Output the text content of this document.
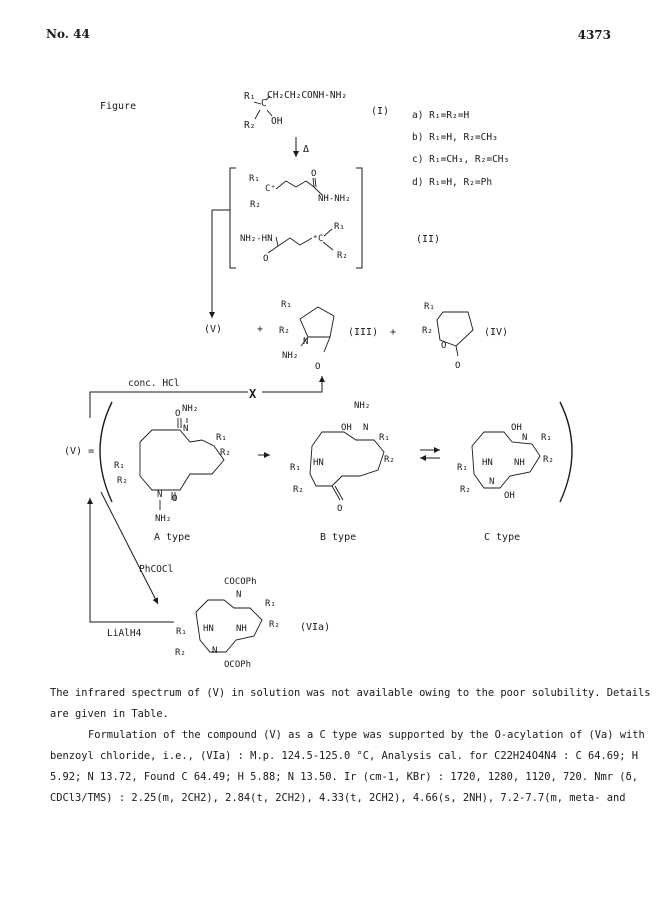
No. 44	4373
Figure
R₁
C
CH₂CH₂CONH-NH₂
R₂ OH
(I) a) R₁=R₂=H
b) R₁=H, R₂=CH₃
c) R₁=CH₃, R₂=CH₃
d) R₁=H, R₂=Ph
Δ
R₁
C⁺
R₂
O
NH-NH₂
NH₂-HN
O
C
+
R₁
R₂
(II)
(V)	+
R₁
R₂
N
NH₂
O
(III) +
R₁
R₂
O
O
(IV)
conc. HCl
X
(V) =
NH₂
N
O
R₁
R₂
R₁
R₂
N O
NH₂
NH₂
OH N
R₁
R₂
HN
R₁
R₂
O
OH
N R₁
R₂
HN NH
R₁
R₂
N
OH
A type	B type	C type
PhCOCl
LiAlH4
COCOPh
N
R₁
R₂
HN NH
R₁
R₂	N
OCOPh
(VIa)
The infrared spectrum of (V) in solution was not available owing to the poor solubility. Details
are given in Table.
Formulation of the compound (V) as a C type was supported by the O-acylation of (Va) with
benzoyl chloride, i.e., (VIa) : M.p. 124.5-125.0 °C, Analysis cal. for C22H24O4N4 : C 64.69; H
5.92; N 13.72, Found C 64.49; H 5.88; N 13.50. Ir (cm-1, KBr) : 1720, 1280, 1120, 720. Nmr (δ,
CDCl3/TMS) : 2.25(m, 2CH2), 2.84(t, 2CH2), 4.33(t, 2CH2), 4.66(s, 2NH), 7.2-7.7(m, meta- and
